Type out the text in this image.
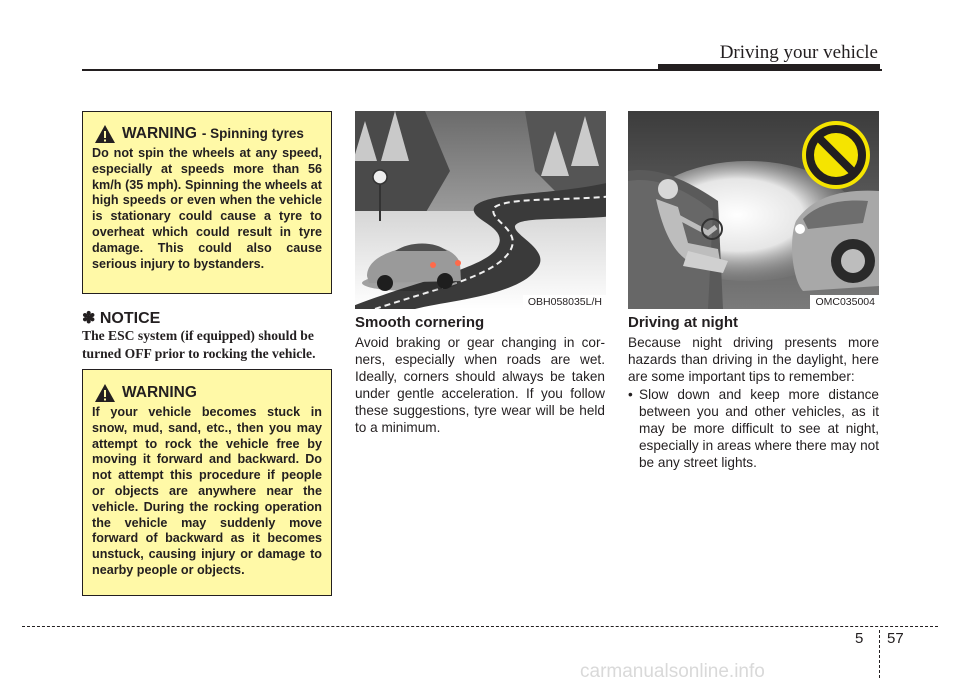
Driving your vehicle
WARNING - Spinning tyres

Do not spin the wheels at any speed, especially at speeds more than 56 km/h (35 mph). Spinning the wheels at high speeds or even when the vehicle is stationary could cause a tyre to overheat which could result in tyre damage. This could also cause serious injury to bystanders.

✽ NOTICE
The ESC system (if equipped) should be turned OFF prior to rocking the vehicle.
WARNING

If your vehicle becomes stuck in snow, mud, sand, etc., then you may attempt to rock the vehicle free by moving it forward and backward. Do not attempt this procedure if people or objects are anywhere near the vehicle. During the rocking operation the vehicle may suddenly move forward of backward as it becomes unstuck, causing injury or damage to nearby people or objects.

OBH058035L/H
Smooth cornering
Avoid braking or gear changing in cor-ners, especially when roads are wet. Ideally, corners should always be taken under gentle acceleration. If you follow these suggestions, tyre wear will be held to a minimum.
OMC035004
Driving at night
Because night driving presents more hazards than driving in the daylight, here are some important tips to remember:
• Slow down and keep more distance between you and other vehicles, as it may be more difficult to see at night, especially in areas where there may not be any street lights.
5 57
carmanualsonline.info
